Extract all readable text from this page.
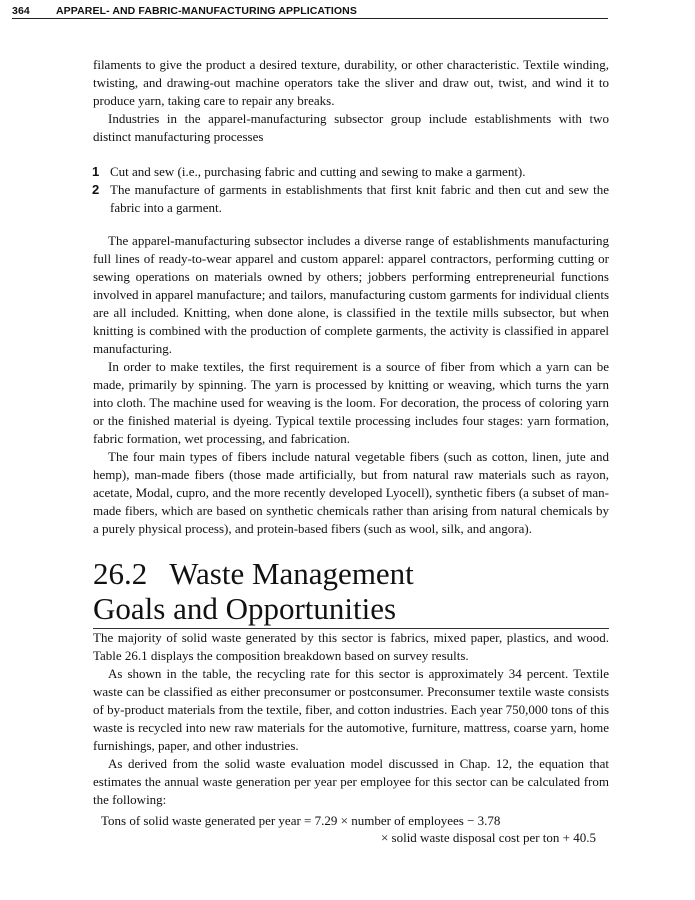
364 APPAREL- AND FABRIC-MANUFACTURING APPLICATIONS

filaments to give the product a desired texture, durability, or other characteristic. Textile winding, twisting, and drawing-out machine operators take the sliver and draw out, twist, and wind it to produce yarn, taking care to repair any breaks.

Industries in the apparel-manufacturing subsector group include establishments with two distinct manufacturing processes

1 Cut and sew (i.e., purchasing fabric and cutting and sewing to make a garment).
2 The manufacture of garments in establishments that first knit fabric and then cut and sew the fabric into a garment.

The apparel-manufacturing subsector includes a diverse range of establishments manufacturing full lines of ready-to-wear apparel and custom apparel: apparel contractors, performing cutting or sewing operations on materials owned by others; jobbers performing entrepreneurial functions involved in apparel manufacture; and tailors, manufacturing custom garments for individual clients are all included. Knitting, when done alone, is classified in the textile mills subsector, but when knitting is combined with the production of complete garments, the activity is classified in apparel manufacturing.

In order to make textiles, the first requirement is a source of fiber from which a yarn can be made, primarily by spinning. The yarn is processed by knitting or weaving, which turns the yarn into cloth. The machine used for weaving is the loom. For decoration, the process of coloring yarn or the finished material is dyeing. Typical textile processing includes four stages: yarn formation, fabric formation, wet processing, and fabrication.

The four main types of fibers include natural vegetable fibers (such as cotton, linen, jute and hemp), man-made fibers (those made artificially, but from natural raw materials such as rayon, acetate, Modal, cupro, and the more recently developed Lyocell), synthetic fibers (a subset of man-made fibers, which are based on synthetic chemicals rather than arising from natural chemicals by a purely physical process), and protein-based fibers (such as wool, silk, and angora).

26.2 Waste Management
Goals and Opportunities

The majority of solid waste generated by this sector is fabrics, mixed paper, plastics, and wood. Table 26.1 displays the composition breakdown based on survey results.

As shown in the table, the recycling rate for this sector is approximately 34 percent. Textile waste can be classified as either preconsumer or postconsumer. Preconsumer textile waste consists of by-product materials from the textile, fiber, and cotton industries. Each year 750,000 tons of this waste is recycled into new raw materials for the automotive, furniture, mattress, coarse yarn, home furnishings, paper, and other industries.

As derived from the solid waste evaluation model discussed in Chap. 12, the equation that estimates the annual waste generation per year per employee for this sector can be calculated from the following:

Tons of solid waste generated per year = 7.29 × number of employees − 3.78
× solid waste disposal cost per ton + 40.5
